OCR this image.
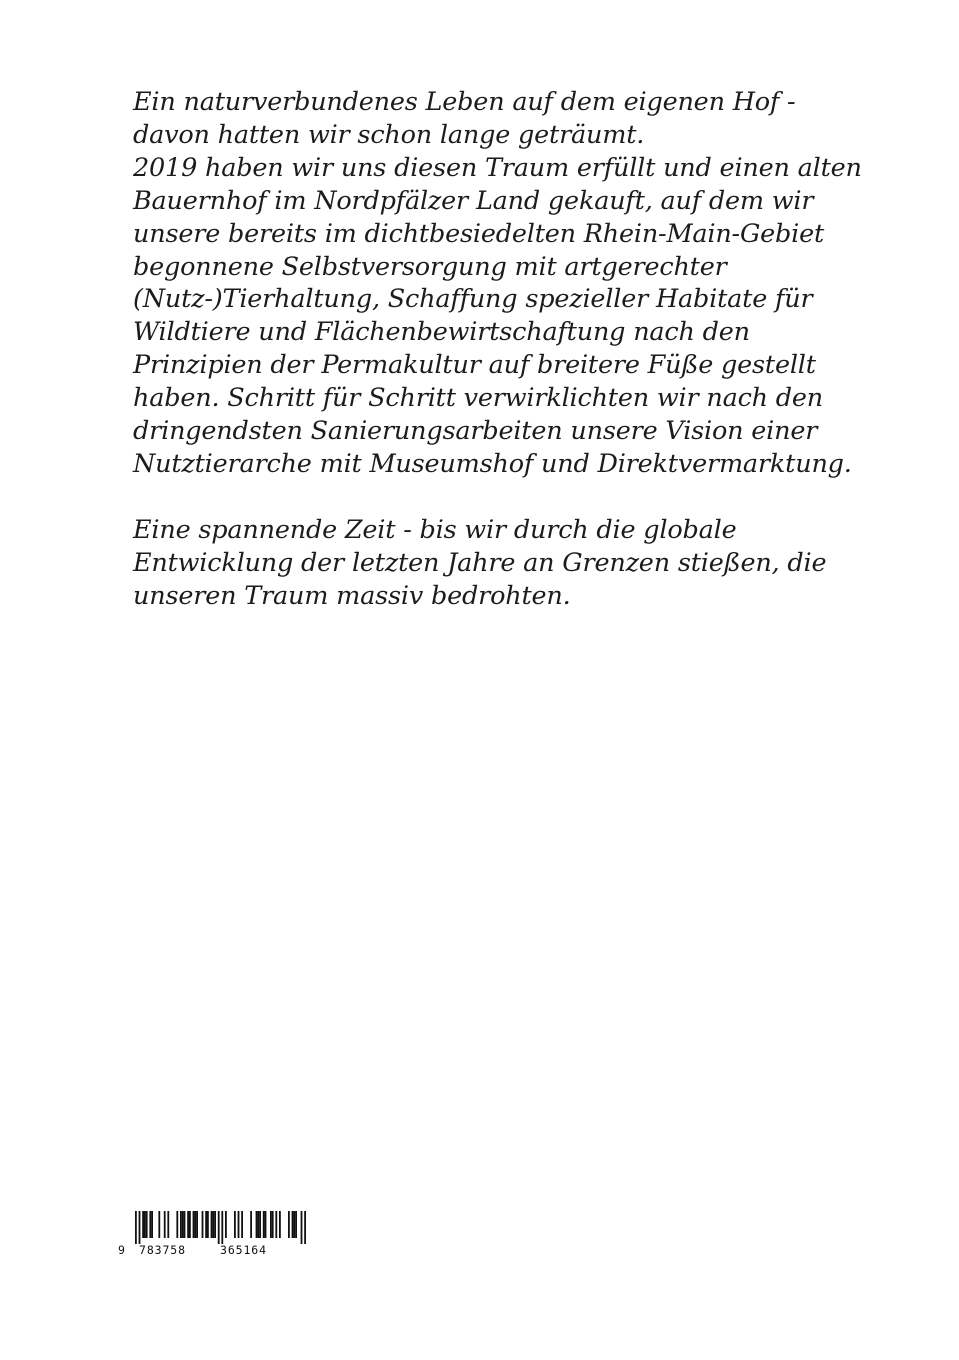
Ein naturverbundenes Leben auf dem eigenen Hof -
davon hatten wir schon lange geträumt.
2019 haben wir uns diesen Traum erfüllt und einen alten
Bauernhof im Nordpfälzer Land gekauft, auf dem wir
unsere bereits im dichtbesiedelten Rhein-Main-Gebiet
begonnene Selbstversorgung mit artgerechter
(Nutz-)Tierhaltung, Schaffung spezieller Habitate für
Wildtiere und Flächenbewirtschaftung nach den
Prinzipien der Permakultur auf breitere Füße gestellt
haben. Schritt für Schritt verwirklichten wir nach den
dringendsten Sanierungsarbeiten unsere Vision einer
Nutztierarche mit Museumshof und Direktvermarktung.
Eine spannende Zeit - bis wir durch die globale
Entwicklung der letzten Jahre an Grenzen stießen, die
unseren Traum massiv bedrohten.
9 783758	365164
